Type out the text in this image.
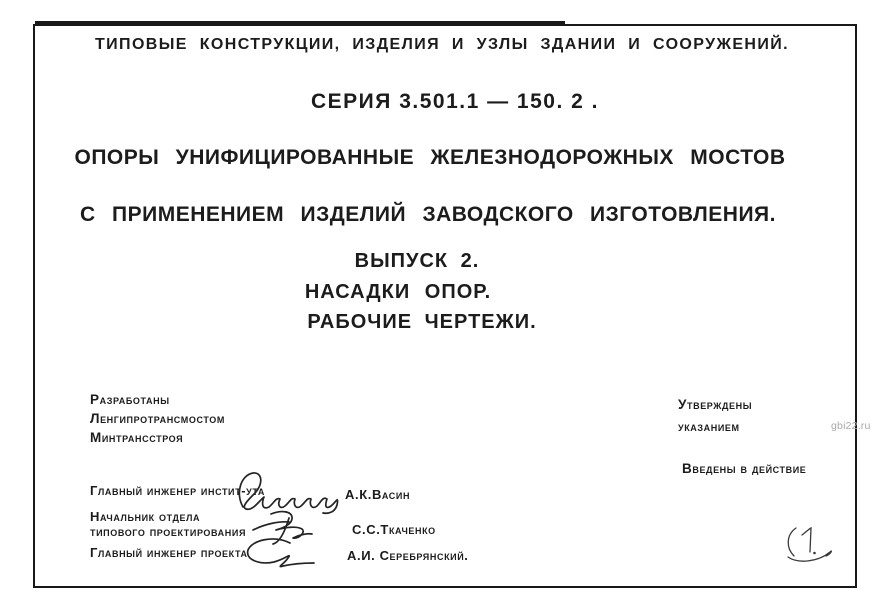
ТИПОВЫЕ КОНСТРУКЦИИ, ИЗДЕЛИЯ И УЗЛЫ ЗДАНИИ И СООРУЖЕНИЙ.
СЕРИЯ 3.501.1 — 150. 2 .
ОПОРЫ УНИФИЦИРОВАННЫЕ ЖЕЛЕЗНОДОРОЖНЫХ МОСТОВ
С ПРИМЕНЕНИЕМ ИЗДЕЛИЙ ЗАВОДСКОГО ИЗГОТОВЛЕНИЯ.
ВЫПУСК 2.
НАСАДКИ ОПОР.
РАБОЧИЕ ЧЕРТЕЖИ.
Разработаны
Ленгипротрансмостом
Минтрансстроя
Утверждены
указанием
Введены в действие
Главный инженер инстит-ута	А.К.Васин
Начальник отдела
типового проектирования	С.С.Ткаченко
Главный инженер проекта	А.И. Серебрянский.
gbi22.ru
